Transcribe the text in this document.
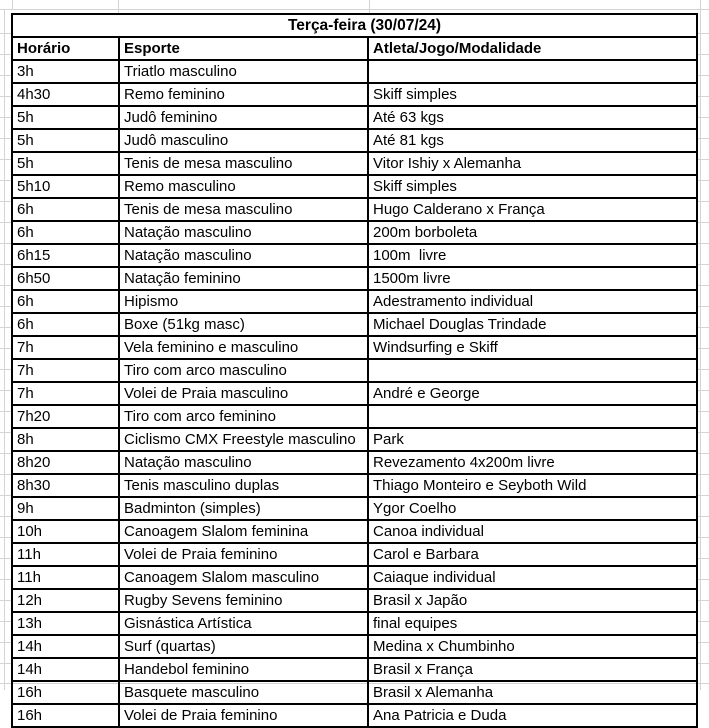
Terça-feira (30/07/24)		
Horário	Esporte	Atleta/Jogo/Modalidade
3h	Triatlo masculino	
4h30	Remo feminino	Skiff simples
5h	Judô feminino	Até 63 kgs
5h	Judô masculino	Até 81 kgs
5h	Tenis de mesa masculino	Vitor Ishiy x Alemanha
5h10	Remo masculino	Skiff simples
6h	Tenis de mesa masculino	Hugo Calderano x França
6h	Natação masculino	200m borboleta
6h15	Natação masculino	100m  livre
6h50	Natação feminino	1500m livre
6h	Hipismo	Adestramento individual
6h	Boxe (51kg masc)	Michael Douglas Trindade
7h	Vela feminino e masculino	Windsurfing e Skiff
7h	Tiro com arco masculino	
7h	Volei de Praia masculino	André e George
7h20	Tiro com arco feminino	
8h	Ciclismo CMX Freestyle masculino	Park
8h20	Natação masculino	Revezamento 4x200m livre
8h30	Tenis masculino duplas	Thiago Monteiro e Seyboth Wild
9h	Badminton (simples)	Ygor Coelho
10h	Canoagem Slalom feminina	Canoa individual
11h	Volei de Praia feminino	Carol e Barbara
11h	Canoagem Slalom masculino	Caiaque individual
12h	Rugby Sevens feminino	Brasil x Japão
13h	Gisnástica Artística	final equipes
14h	Surf (quartas)	Medina x Chumbinho
14h	Handebol feminino	Brasil x França
16h	Basquete masculino	Brasil x Alemanha
16h	Volei de Praia feminino	Ana Patricia e Duda
